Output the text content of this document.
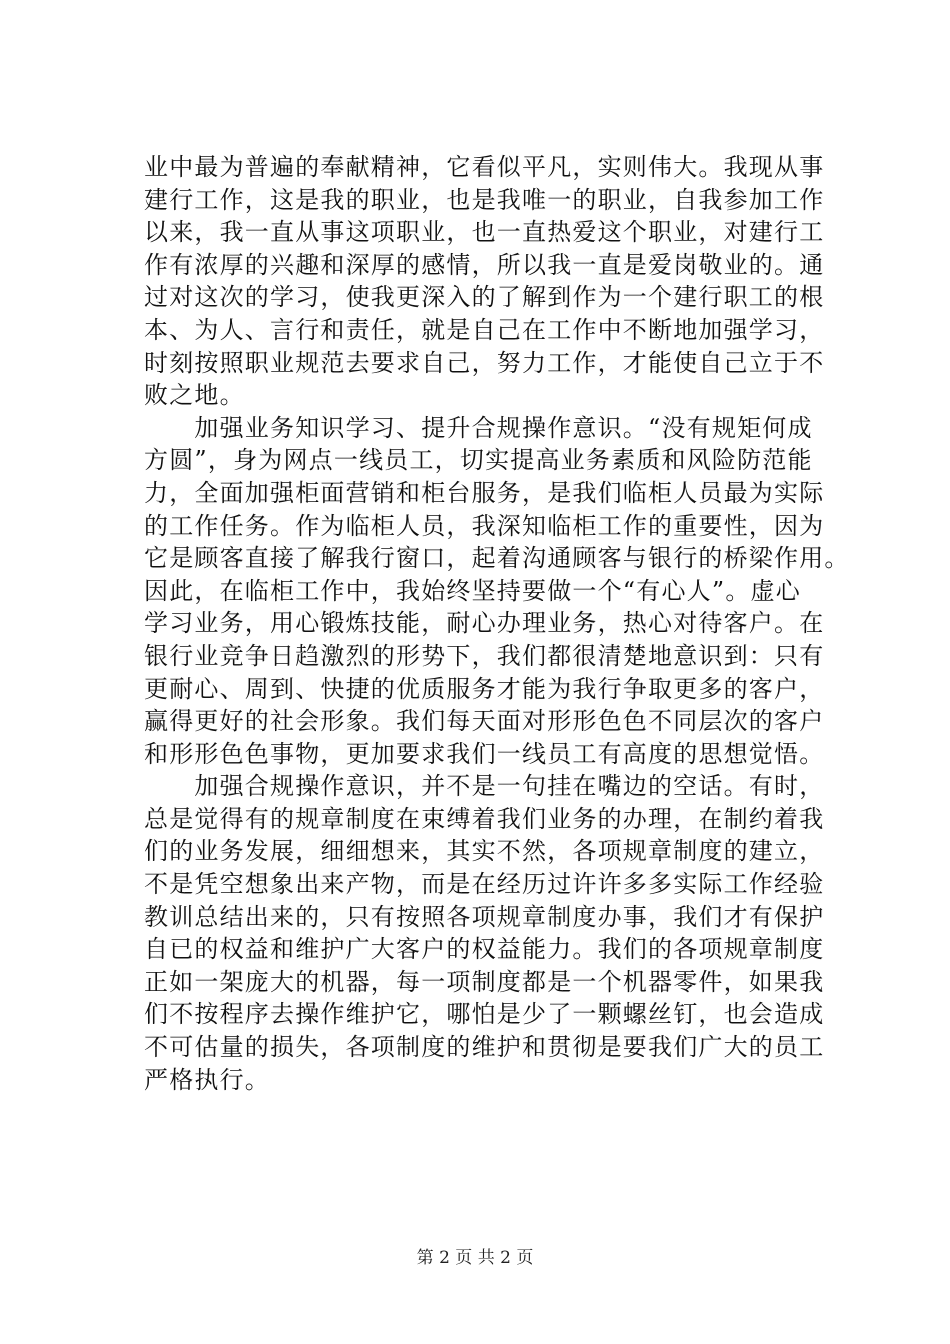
业中最为普遍的奉献精神，它看似平凡，实则伟大。我现从事
建行工作，这是我的职业，也是我唯一的职业，自我参加工作
以来，我一直从事这项职业，也一直热爱这个职业，对建行工
作有浓厚的兴趣和深厚的感情，所以我一直是爱岗敬业的。通
过对这次的学习，使我更深入的了解到作为一个建行职工的根
本、为人、言行和责任，就是自己在工作中不断地加强学习，
时刻按照职业规范去要求自己，努力工作，才能使自己立于不
败之地。
　　加强业务知识学习、提升合规操作意识。“没有规矩何成
方圆”，身为网点一线员工，切实提高业务素质和风险防范能
力，全面加强柜面营销和柜台服务，是我们临柜人员最为实际
的工作任务。作为临柜人员，我深知临柜工作的重要性，因为
它是顾客直接了解我行窗口，起着沟通顾客与银行的桥梁作用。
因此，在临柜工作中，我始终坚持要做一个“有心人”。虚心
学习业务，用心锻炼技能，耐心办理业务，热心对待客户。在
银行业竞争日趋激烈的形势下，我们都很清楚地意识到：只有
更耐心、周到、快捷的优质服务才能为我行争取更多的客户，
赢得更好的社会形象。我们每天面对形形色色不同层次的客户
和形形色色事物，更加要求我们一线员工有高度的思想觉悟。
　　加强合规操作意识，并不是一句挂在嘴边的空话。有时，
总是觉得有的规章制度在束缚着我们业务的办理，在制约着我
们的业务发展，细细想来，其实不然，各项规章制度的建立，
不是凭空想象出来产物，而是在经历过许许多多实际工作经验
教训总结出来的，只有按照各项规章制度办事，我们才有保护
自已的权益和维护广大客户的权益能力。我们的各项规章制度
正如一架庞大的机器，每一项制度都是一个机器零件，如果我
们不按程序去操作维护它，哪怕是少了一颗螺丝钉，也会造成
不可估量的损失，各项制度的维护和贯彻是要我们广大的员工
严格执行。
第 2 页 共 2 页
